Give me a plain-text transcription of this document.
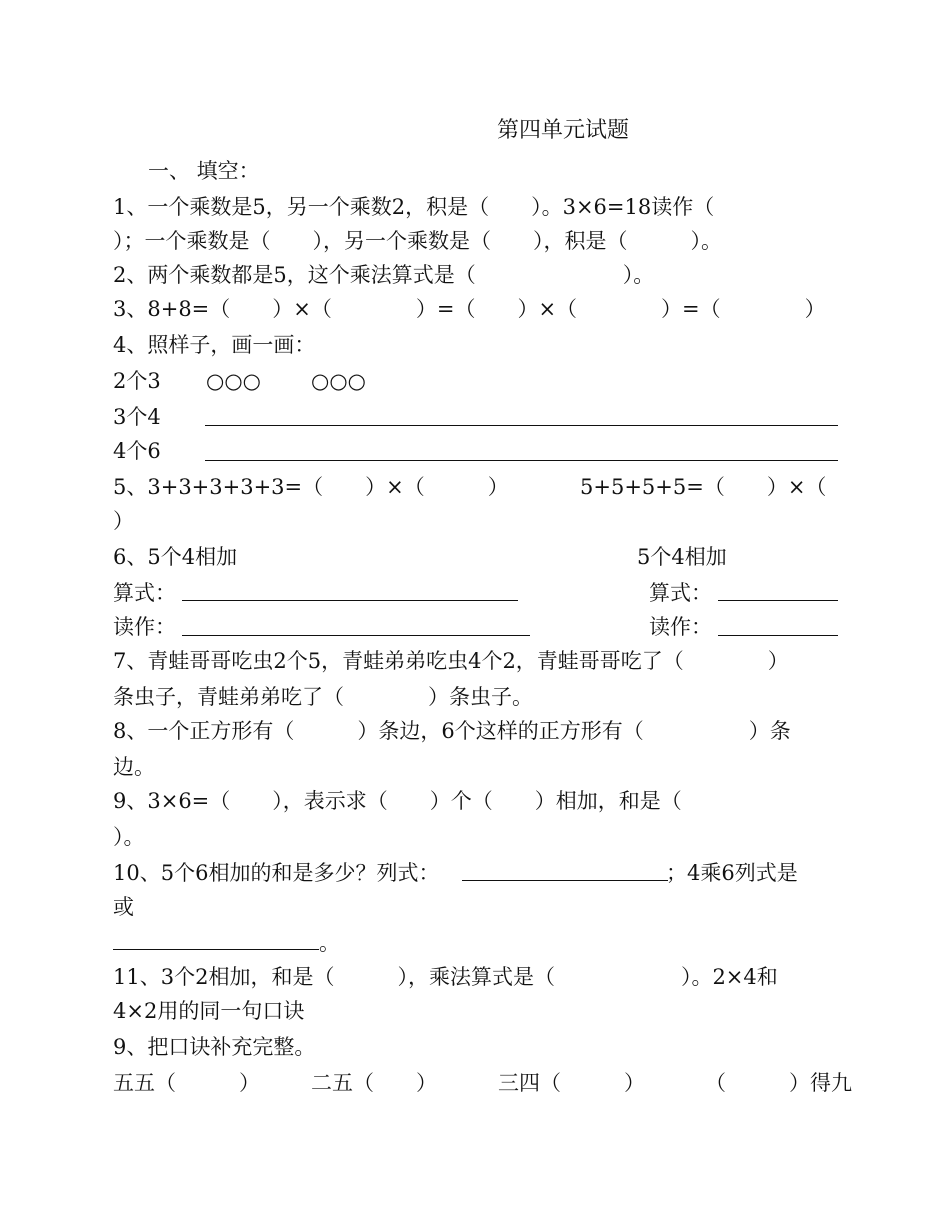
第四单元试题
一、 填空：
1、一个乘数是5，另一个乘数2，积是（　　）。3×6=18读作（
）；一个乘数是（　　），另一个乘数是（　　），积是（　　　）。
2、两个乘数都是5，这个乘法算式是（　　　　　　　）。
3、8+8=（　　）×（　　　　）=（　　）×（　　　　）=（　　　　）
4、照样子，画一画：
2个3 ○○○ ○○○
3个4
4个6
5、3+3+3+3+3=（　　）×（　　　）	5+5+5+5=（　　）×（
）
6、5个4相加	5个4相加
算式：	算式：
读作：	读作：
7、青蛙哥哥吃虫2个5，青蛙弟弟吃虫4个2，青蛙哥哥吃了（　　　　）
条虫子，青蛙弟弟吃了（　　　　）条虫子。
8、一个正方形有（　　　）条边，6个这样的正方形有（　　　　　）条
边。
9、3×6=（　　），表示求（　　）个（　　）相加，和是（
）。
10、5个6相加的和是多少？列式：	；4乘6列式是
或
。
11、3个2相加，和是（　　　），乘法算式是（　　　　　　）。2×4和
4×2用的同一句口诀
9、把口诀补充完整。
五五（　　　） 二五（　　）	三四（　　　）	（　　　）得九
